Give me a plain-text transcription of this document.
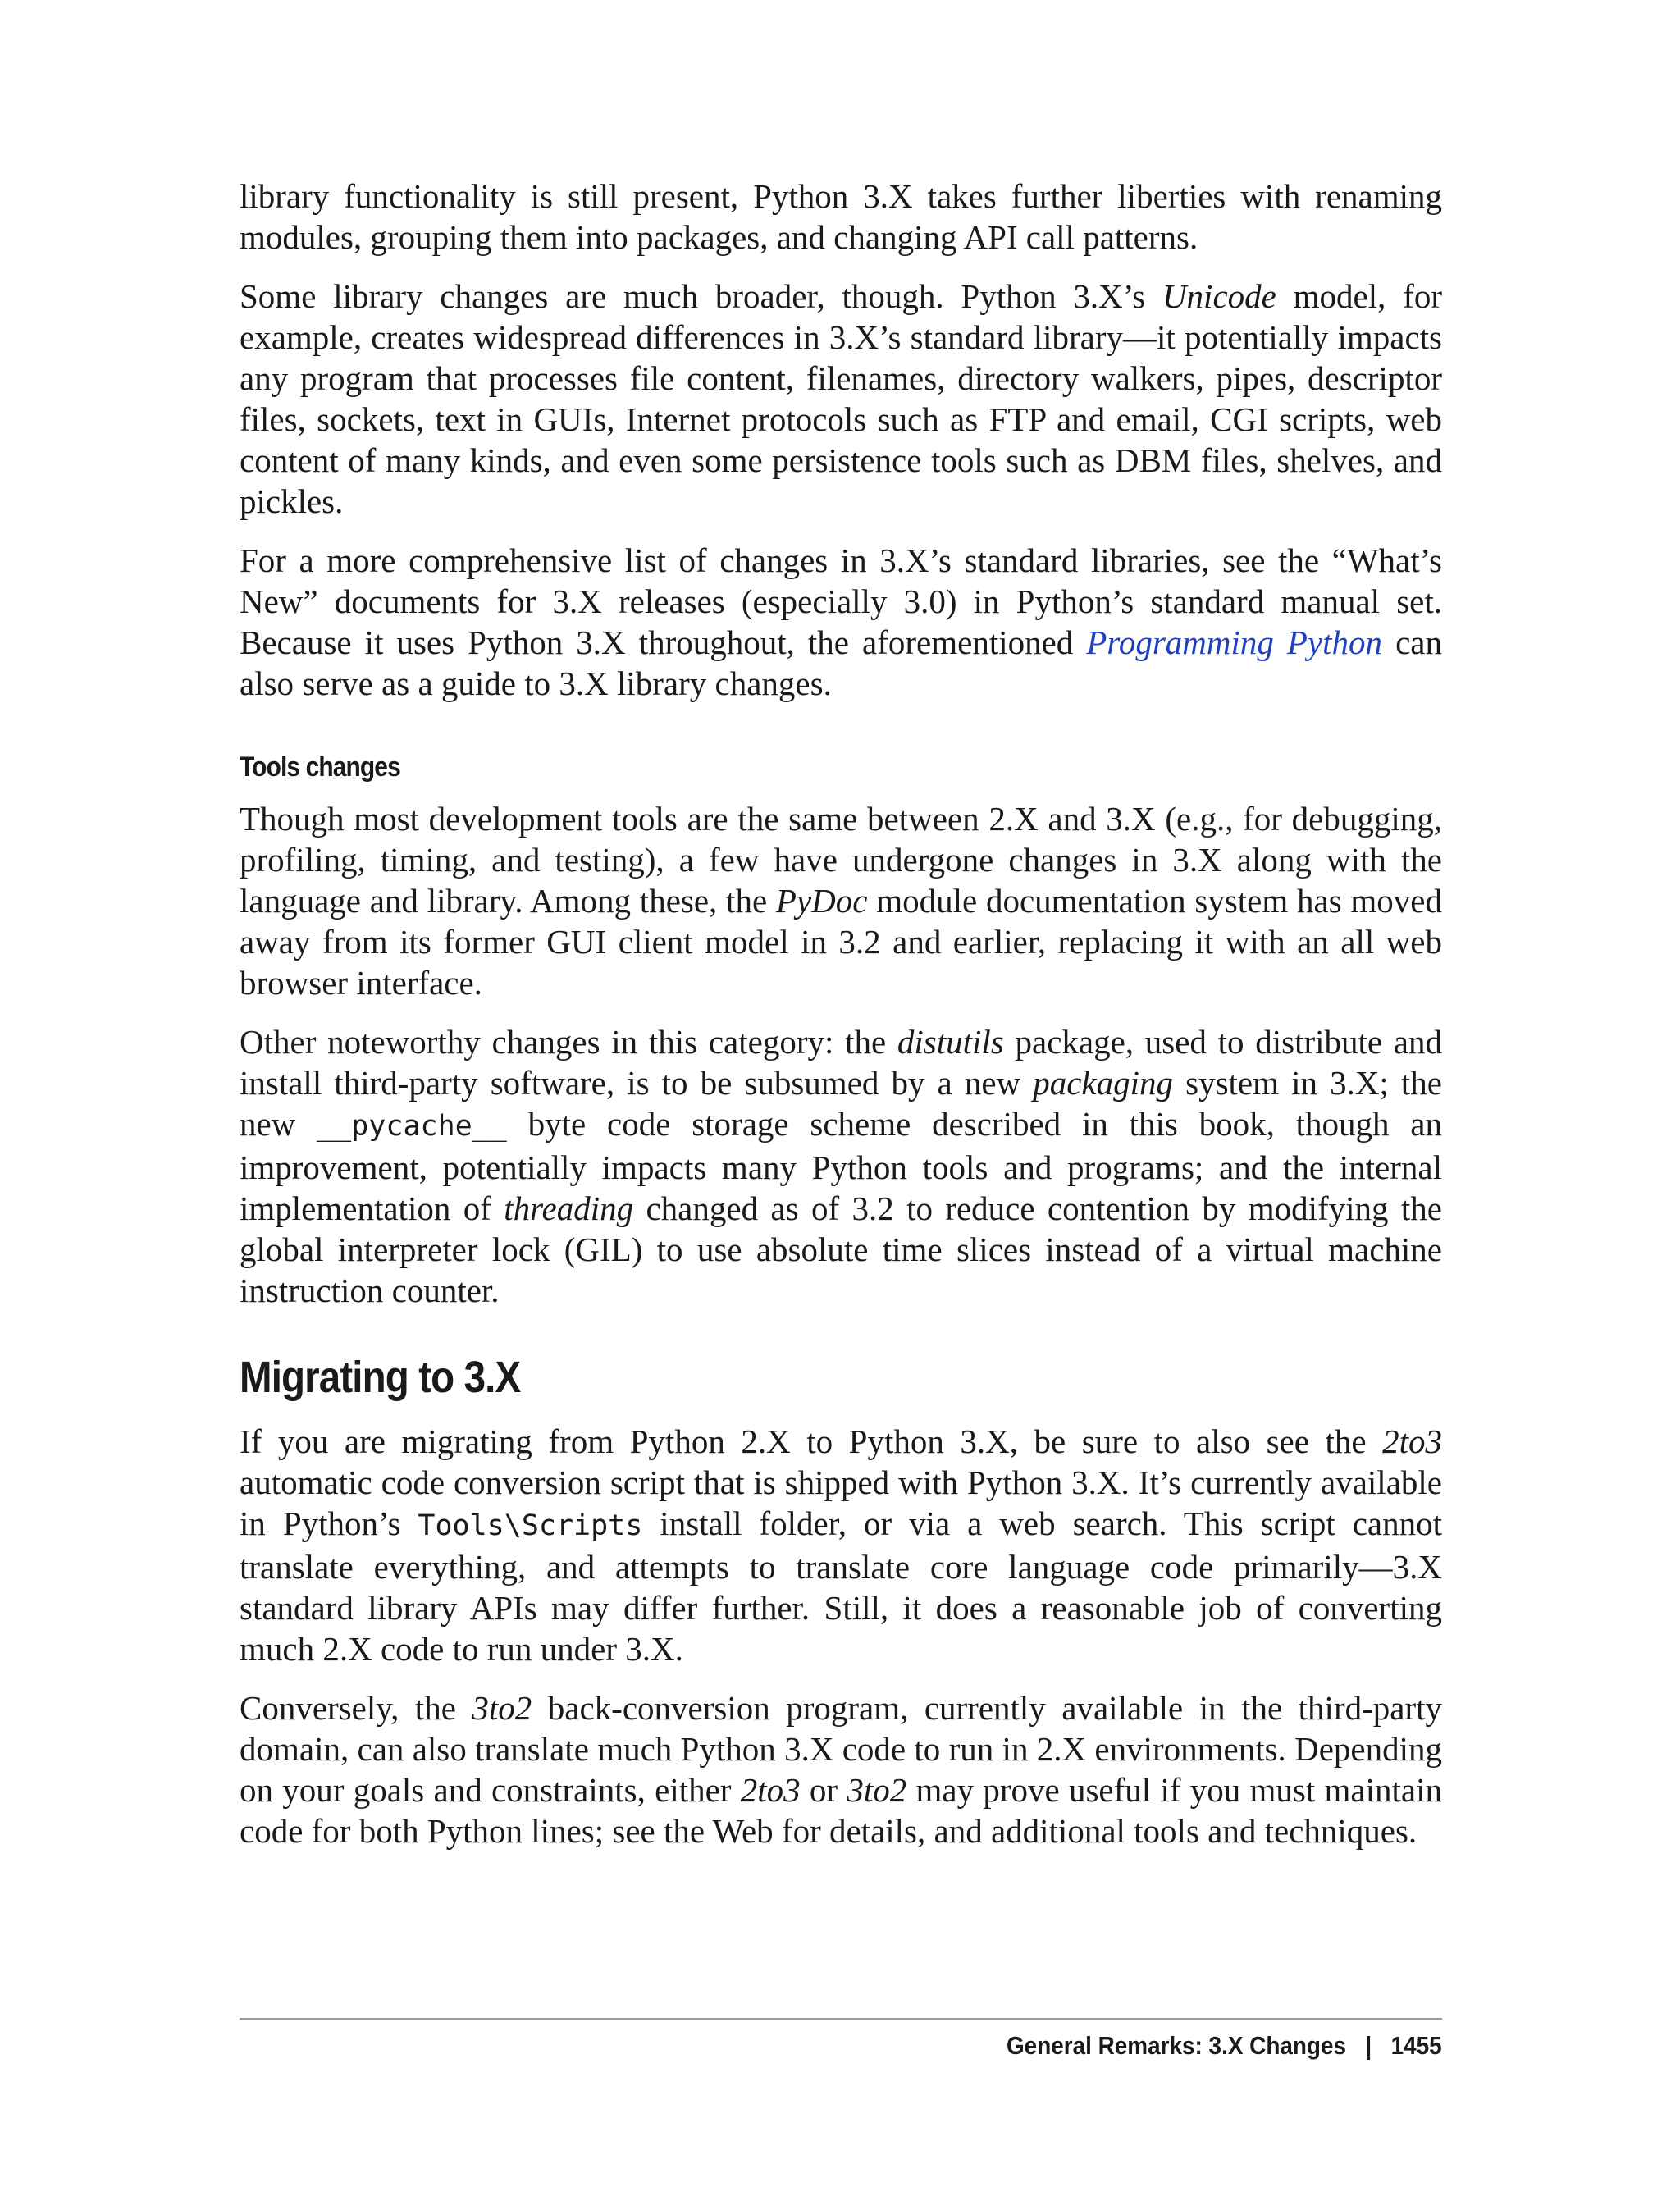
library functionality is still present, Python 3.X takes further liberties with renaming modules, grouping them into packages, and changing API call patterns.

Some library changes are much broader, though. Python 3.X’s Unicode model, for example, creates widespread differences in 3.X’s standard library—it potentially impacts any program that processes file content, filenames, directory walkers, pipes, descriptor files, sockets, text in GUIs, Internet protocols such as FTP and email, CGI scripts, web content of many kinds, and even some persistence tools such as DBM files, shelves, and pickles.

For a more comprehensive list of changes in 3.X’s standard libraries, see the “What’s New” documents for 3.X releases (especially 3.0) in Python’s standard manual set. Because it uses Python 3.X throughout, the aforementioned Programming Python can also serve as a guide to 3.X library changes.

Tools changes

Though most development tools are the same between 2.X and 3.X (e.g., for debugging, profiling, timing, and testing), a few have undergone changes in 3.X along with the language and library. Among these, the PyDoc module documentation system has moved away from its former GUI client model in 3.2 and earlier, replacing it with an all web browser interface.

Other noteworthy changes in this category: the distutils package, used to distribute and install third-party software, is to be subsumed by a new packaging system in 3.X; the new __pycache__ byte code storage scheme described in this book, though an improvement, potentially impacts many Python tools and programs; and the internal implementation of threading changed as of 3.2 to reduce contention by modifying the global interpreter lock (GIL) to use absolute time slices instead of a virtual machine instruction counter.

Migrating to 3.X

If you are migrating from Python 2.X to Python 3.X, be sure to also see the 2to3 automatic code conversion script that is shipped with Python 3.X. It’s currently available in Python’s Tools\Scripts install folder, or via a web search. This script cannot translate everything, and attempts to translate core language code primarily—3.X standard library APIs may differ further. Still, it does a reasonable job of converting much 2.X code to run under 3.X.

Conversely, the 3to2 back-conversion program, currently available in the third-party domain, can also translate much Python 3.X code to run in 2.X environments. Depending on your goals and constraints, either 2to3 or 3to2 may prove useful if you must maintain code for both Python lines; see the Web for details, and additional tools and techniques.

General Remarks: 3.X Changes | 1455
